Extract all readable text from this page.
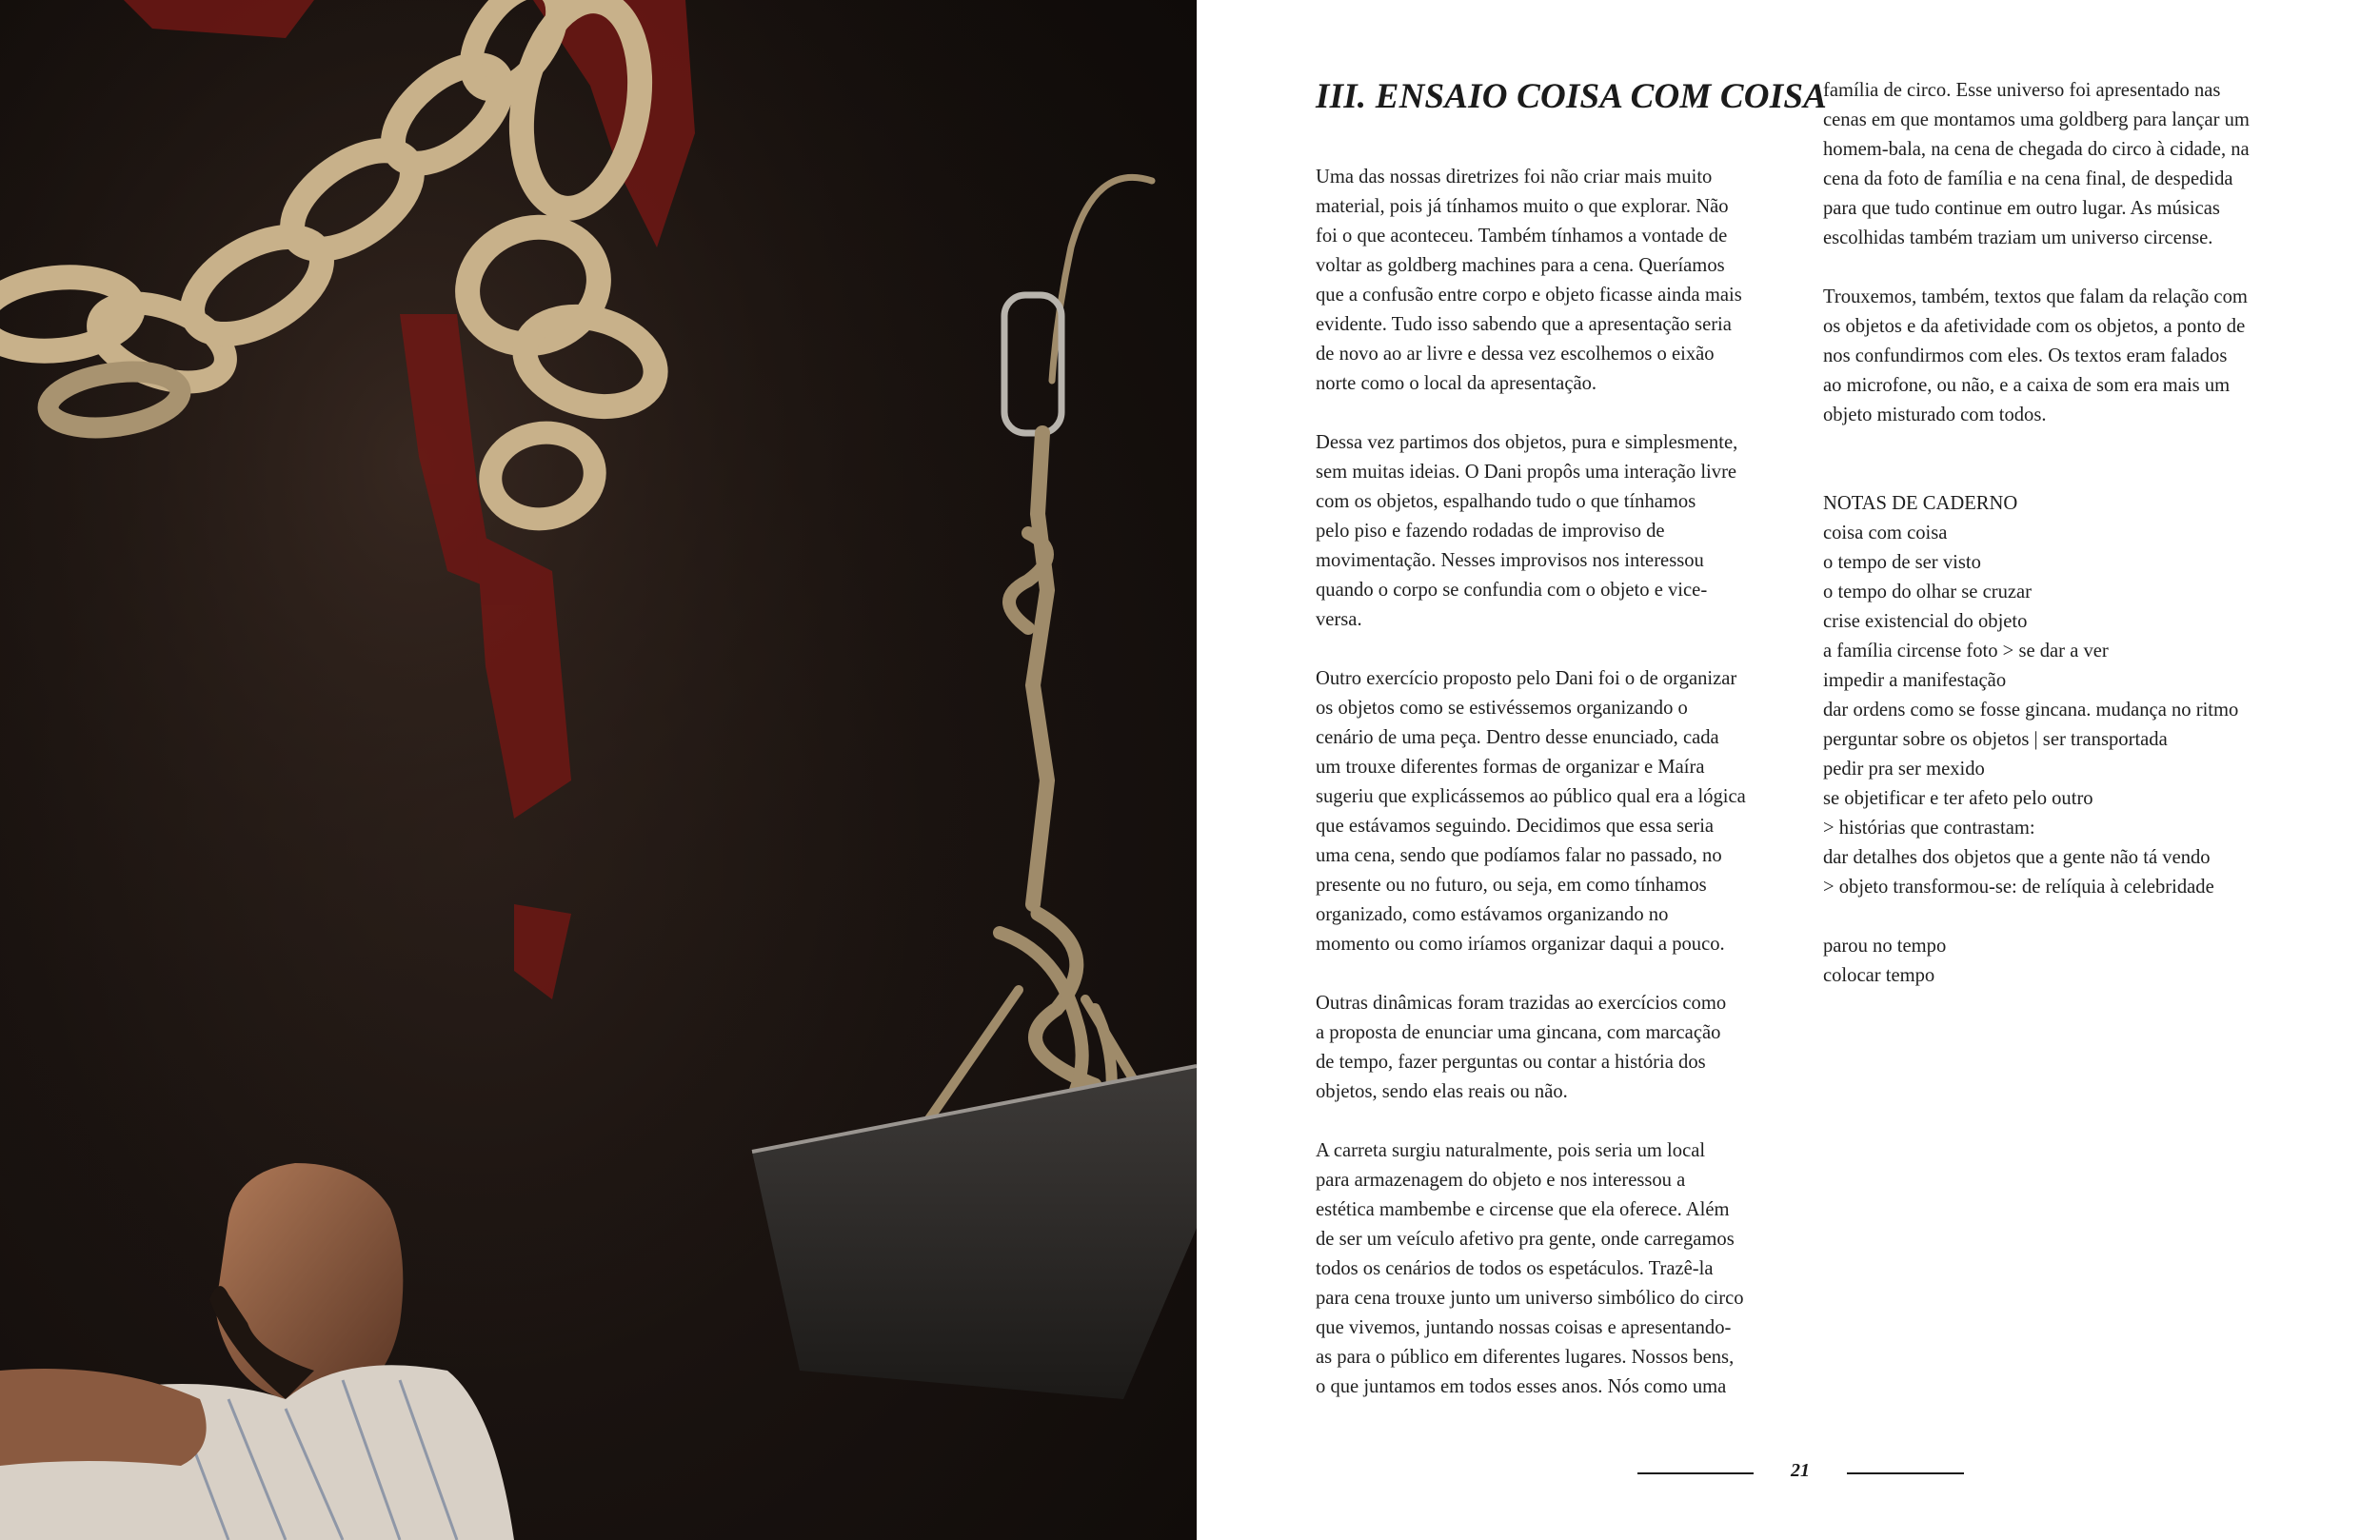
III. ENSAIO COISA COM COISA
Uma das nossas diretrizes foi não criar mais muito
material, pois já tínhamos muito o que explorar. Não
foi o que aconteceu. Também tínhamos a vontade de
voltar as goldberg machines para a cena. Queríamos
que a confusão entre corpo e objeto ficasse ainda mais
evidente. Tudo isso sabendo que a apresentação seria
de novo ao ar livre e dessa vez escolhemos o eixão
norte como o local da apresentação.
Dessa vez partimos dos objetos, pura e simplesmente,
sem muitas ideias. O Dani propôs uma interação livre
com os objetos, espalhando tudo o que tínhamos
pelo piso e fazendo rodadas de improviso de
movimentação. Nesses improvisos nos interessou
quando o corpo se confundia com o objeto e vice-
versa.
Outro exercício proposto pelo Dani foi o de organizar
os objetos como se estivéssemos organizando o
cenário de uma peça. Dentro desse enunciado, cada
um trouxe diferentes formas de organizar e Maíra
sugeriu que explicássemos ao público qual era a lógica
que estávamos seguindo. Decidimos que essa seria
uma cena, sendo que podíamos falar no passado, no
presente ou no futuro, ou seja, em como tínhamos
organizado, como estávamos organizando no
momento ou como iríamos organizar daqui a pouco.
Outras dinâmicas foram trazidas ao exercícios como
a proposta de enunciar uma gincana, com marcação
de tempo, fazer perguntas ou contar a história dos
objetos, sendo elas reais ou não.
A carreta surgiu naturalmente, pois seria um local
para armazenagem do objeto e nos interessou a
estética mambembe e circense que ela oferece. Além
de ser um veículo afetivo pra gente, onde carregamos
todos os cenários de todos os espetáculos. Trazê-la
para cena trouxe junto um universo simbólico do circo
que vivemos, juntando nossas coisas e apresentando-
as para o público em diferentes lugares. Nossos bens,
o que juntamos em todos esses anos. Nós como uma
família de circo. Esse universo foi apresentado nas
cenas em que montamos uma goldberg para lançar um
homem-bala, na cena de chegada do circo à cidade, na
cena da foto de família e na cena final, de despedida
para que tudo continue em outro lugar. As músicas
escolhidas também traziam um universo circense.
Trouxemos, também, textos que falam da relação com
os objetos e da afetividade com os objetos, a ponto de
nos confundirmos com eles. Os textos eram falados
ao microfone, ou não, e a caixa de som era mais um
objeto misturado com todos.
NOTAS DE CADERNO
coisa com coisa
o tempo de ser visto
o tempo do olhar se cruzar
crise existencial do objeto
a família circense foto > se dar a ver
impedir a manifestação
dar ordens como se fosse gincana. mudança no ritmo
perguntar sobre os objetos | ser transportada
pedir pra ser mexido
se objetificar e ter afeto pelo outro
> histórias que contrastam:
dar detalhes dos objetos que a gente não tá vendo
> objeto transformou-se: de relíquia à celebridade
parou no tempo
colocar tempo
21
